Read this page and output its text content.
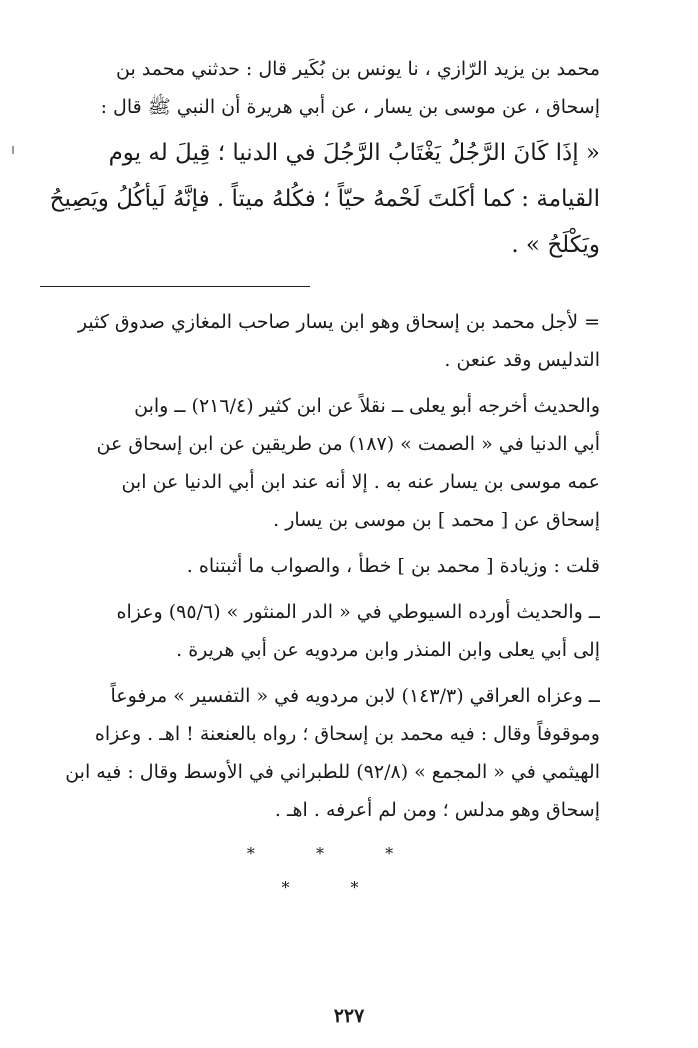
محمد بن يزيد الرّازي ، نا يونس بن بُكَير قال : حدثني محمد بن
إسحاق ، عن موسى بن يسار ، عن أبي هريرة أن النبي ﷺ قال :
« إذَا كَانَ الرَّجُلُ يَغْتَابُ الرَّجُلَ في الدنيا ؛ قِيلَ له يوم
القيامة : كما أكَلتَ لَحْمهُ حيّاً ؛ فكُلهُ ميتاً . فإنَّهُ لَيأكُلُ ويَصِيحُ
ويَكْلَحُ » .
= لأجل محمد بن إسحاق وهو ابن يسار صاحب المغازي صدوق كثير
التدليس وقد عنعن .
والحديث أخرجه أبو يعلى ــ نقلاً عن ابن كثير (٢١٦/٤) ــ وابن
أبي الدنيا في « الصمت » (١٨٧) من طريقين عن ابن إسحاق عن
عمه موسى بن يسار عنه به . إلا أنه عند ابن أبي الدنيا عن ابن
إسحاق عن [ محمد ] بن موسى بن يسار .
قلت : وزيادة [ محمد بن ] خطأ ، والصواب ما أثبتناه .
ــ والحديث أورده السيوطي في « الدر المنثور » (٩٥/٦) وعزاه
إلى أبي يعلى وابن المنذر وابن مردويه عن أبي هريرة .
ــ وعزاه العراقي (١٤٣/٣) لابن مردويه في « التفسير » مرفوعاً
وموقوفاً وقال : فيه محمد بن إسحاق ؛ رواه بالعنعنة ! اهـ . وعزاه
الهيثمي في « المجمع » (٩٢/٨) للطبراني في الأوسط وقال : فيه ابن
إسحاق وهو مدلس ؛ ومن لم أعرفه . اهـ .
* * *
* *
٢٢٧
